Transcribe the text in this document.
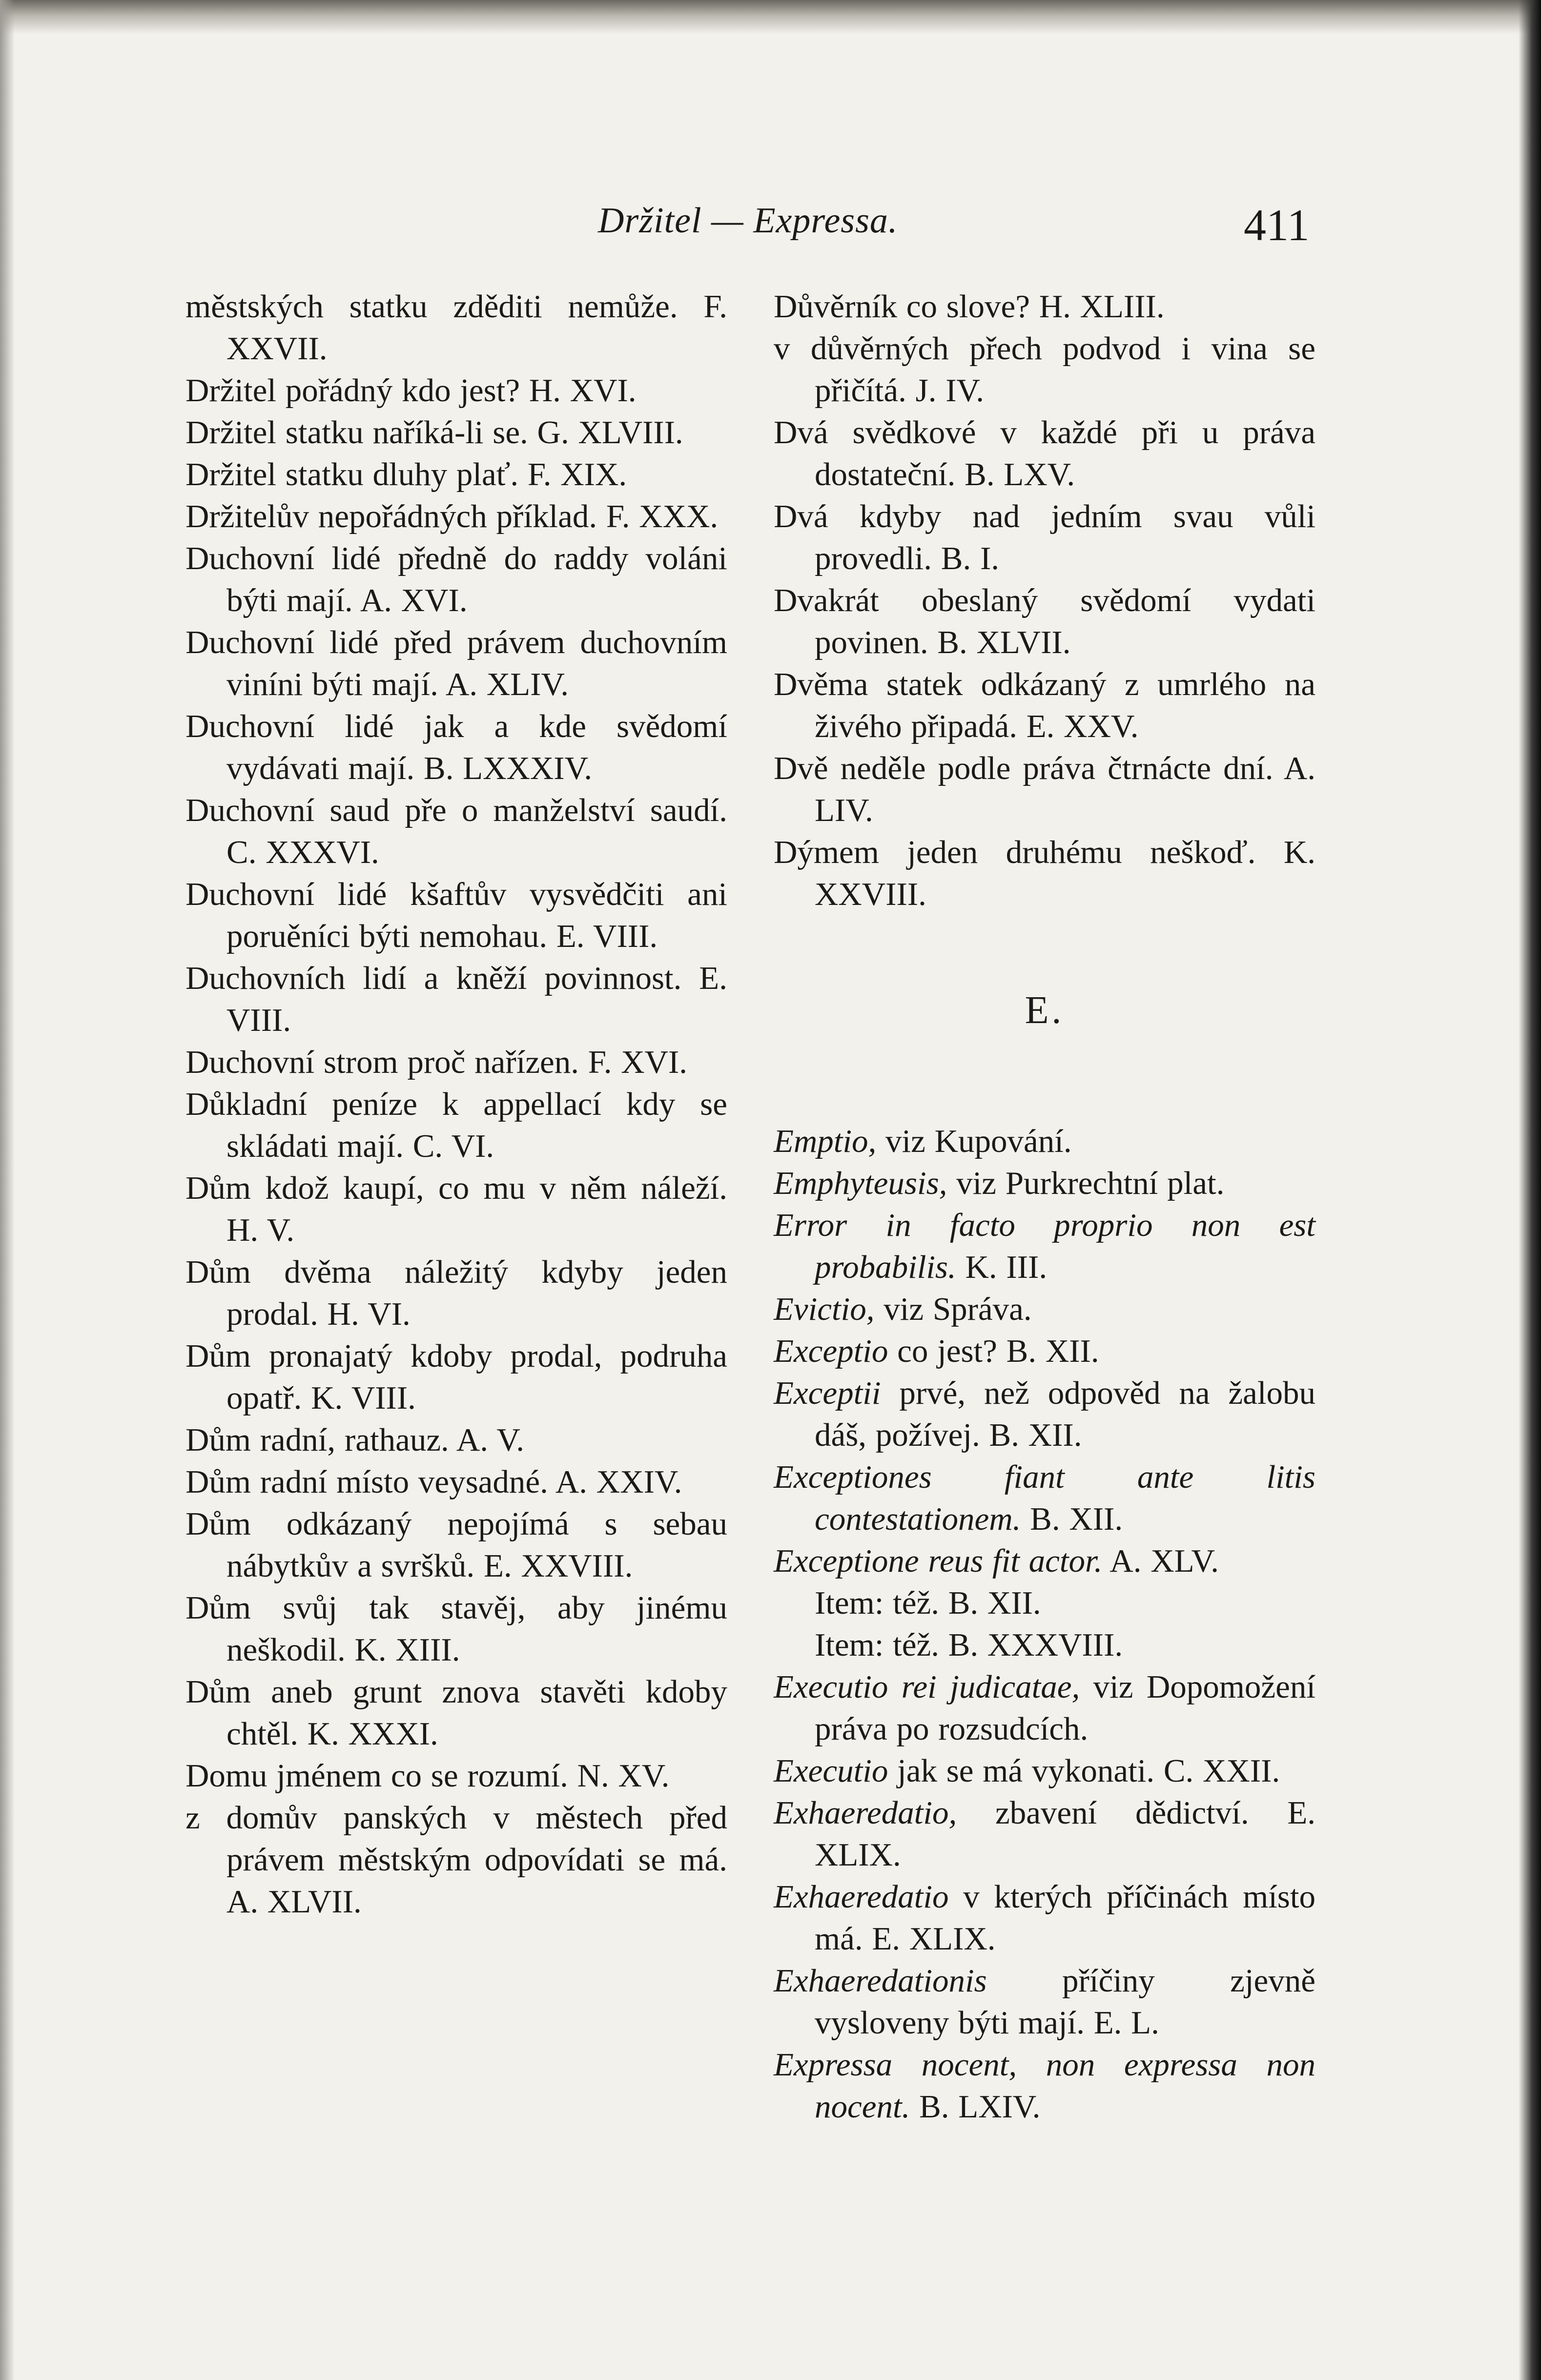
Držitel — Expressa.	411
městských statku zděditi nemůže. F. XXVII.
Držitel pořádný kdo jest? H. XVI.
Držitel statku naříká-li se. G. XLVIII.
Držitel statku dluhy plať. F. XIX.
Držitelův nepořádných příklad. F. XXX.
Duchovní lidé předně do raddy voláni býti mají. A. XVI.
Duchovní lidé před právem duchovním viníni býti mají. A. XLIV.
Duchovní lidé jak a kde svědomí vydávati mají. B. LXXXIV.
Duchovní saud pře o manželství saudí. C. XXXVI.
Duchovní lidé kšaftův vysvědčiti ani poruěníci býti nemohau. E. VIII.
Duchovních lidí a kněží povinnost. E. VIII.
Duchovní strom proč nařízen. F. XVI.
Důkladní peníze k appellací kdy se skládati mají. C. VI.
Dům kdož kaupí, co mu v něm náleží. H. V.
Dům dvěma náležitý kdyby jeden prodal. H. VI.
Dům pronajatý kdoby prodal, podruha opatř. K. VIII.
Dům radní, rathauz. A. V.
Dům radní místo veysadné. A. XXIV.
Dům odkázaný nepojímá s sebau nábytkův a svršků. E. XXVIII.
Dům svůj tak stavěj, aby jinému neškodil. K. XIII.
Dům aneb grunt znova stavěti kdoby chtěl. K. XXXI.
Domu jménem co se rozumí. N. XV.
z domův panských v městech před právem městským odpovídati se má. A. XLVII.
Důvěrník co slove? H. XLIII.
v důvěrných přech podvod i vina se přičítá. J. IV.
Dvá svědkové v každé při u práva dostateční. B. LXV.
Dvá kdyby nad jedním svau vůli provedli. B. I.
Dvakrát obeslaný svědomí vydati povinen. B. XLVII.
Dvěma statek odkázaný z umrlého na živého připadá. E. XXV.
Dvě neděle podle práva čtrnácte dní. A. LIV.
Dýmem jeden druhému neškoď. K. XXVIII.
E.
Emptio, viz Kupování.
Emphyteusis, viz Purkrechtní plat.
Error in facto proprio non est probabilis. K. III.
Evictio, viz Správa.
Exceptio co jest? B. XII.
Exceptii prvé, než odpověd na žalobu dáš, požívej. B. XII.
Exceptiones fiant ante litis contestationem. B. XII.
Exceptione reus fit actor. A. XLV.
Item: též. B. XII.
Item: též. B. XXXVIII.
Executio rei judicatae, viz Dopomožení práva po rozsudcích.
Executio jak se má vykonati. C. XXII.
Exhaeredatio, zbavení dědictví. E. XLIX.
Exhaeredatio v kterých příčinách místo má. E. XLIX.
Exhaeredationis příčiny zjevně vysloveny býti mají. E. L.
Expressa nocent, non expressa non nocent. B. LXIV.
